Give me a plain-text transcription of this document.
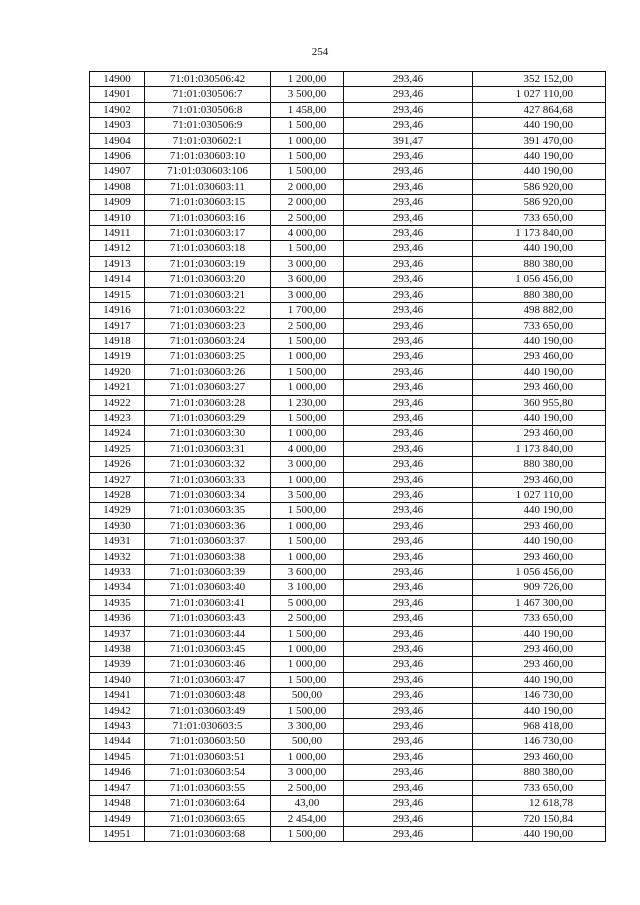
254
14900	71:01:030506:42	1 200,00	293,46	352 152,00
14901	71:01:030506:7	3 500,00	293,46	1 027 110,00
14902	71:01:030506:8	1 458,00	293,46	427 864,68
14903	71:01:030506:9	1 500,00	293,46	440 190,00
14904	71:01:030602:1	1 000,00	391,47	391 470,00
14906	71:01:030603:10	1 500,00	293,46	440 190,00
14907	71:01:030603:106	1 500,00	293,46	440 190,00
14908	71:01:030603:11	2 000,00	293,46	586 920,00
14909	71:01:030603:15	2 000,00	293,46	586 920,00
14910	71:01:030603:16	2 500,00	293,46	733 650,00
14911	71:01:030603:17	4 000,00	293,46	1 173 840,00
14912	71:01:030603:18	1 500,00	293,46	440 190,00
14913	71:01:030603:19	3 000,00	293,46	880 380,00
14914	71:01:030603:20	3 600,00	293,46	1 056 456,00
14915	71:01:030603:21	3 000,00	293,46	880 380,00
14916	71:01:030603:22	1 700,00	293,46	498 882,00
14917	71:01:030603:23	2 500,00	293,46	733 650,00
14918	71:01:030603:24	1 500,00	293,46	440 190,00
14919	71:01:030603:25	1 000,00	293,46	293 460,00
14920	71:01:030603:26	1 500,00	293,46	440 190,00
14921	71:01:030603:27	1 000,00	293,46	293 460,00
14922	71:01:030603:28	1 230,00	293,46	360 955,80
14923	71:01:030603:29	1 500,00	293,46	440 190,00
14924	71:01:030603:30	1 000,00	293,46	293 460,00
14925	71:01:030603:31	4 000,00	293,46	1 173 840,00
14926	71:01:030603:32	3 000,00	293,46	880 380,00
14927	71:01:030603:33	1 000,00	293,46	293 460,00
14928	71:01:030603:34	3 500,00	293,46	1 027 110,00
14929	71:01:030603:35	1 500,00	293,46	440 190,00
14930	71:01:030603:36	1 000,00	293,46	293 460,00
14931	71:01:030603:37	1 500,00	293,46	440 190,00
14932	71:01:030603:38	1 000,00	293,46	293 460,00
14933	71:01:030603:39	3 600,00	293,46	1 056 456,00
14934	71:01:030603:40	3 100,00	293,46	909 726,00
14935	71:01:030603:41	5 000,00	293,46	1 467 300,00
14936	71:01:030603:43	2 500,00	293,46	733 650,00
14937	71:01:030603:44	1 500,00	293,46	440 190,00
14938	71:01:030603:45	1 000,00	293,46	293 460,00
14939	71:01:030603:46	1 000,00	293,46	293 460,00
14940	71:01:030603:47	1 500,00	293,46	440 190,00
14941	71:01:030603:48	500,00	293,46	146 730,00
14942	71:01:030603:49	1 500,00	293,46	440 190,00
14943	71:01:030603:5	3 300,00	293,46	968 418,00
14944	71:01:030603:50	500,00	293,46	146 730,00
14945	71:01:030603:51	1 000,00	293,46	293 460,00
14946	71:01:030603:54	3 000,00	293,46	880 380,00
14947	71:01:030603:55	2 500,00	293,46	733 650,00
14948	71:01:030603:64	43,00	293,46	12 618,78
14949	71:01:030603:65	2 454,00	293,46	720 150,84
14951	71:01:030603:68	1 500,00	293,46	440 190,00
